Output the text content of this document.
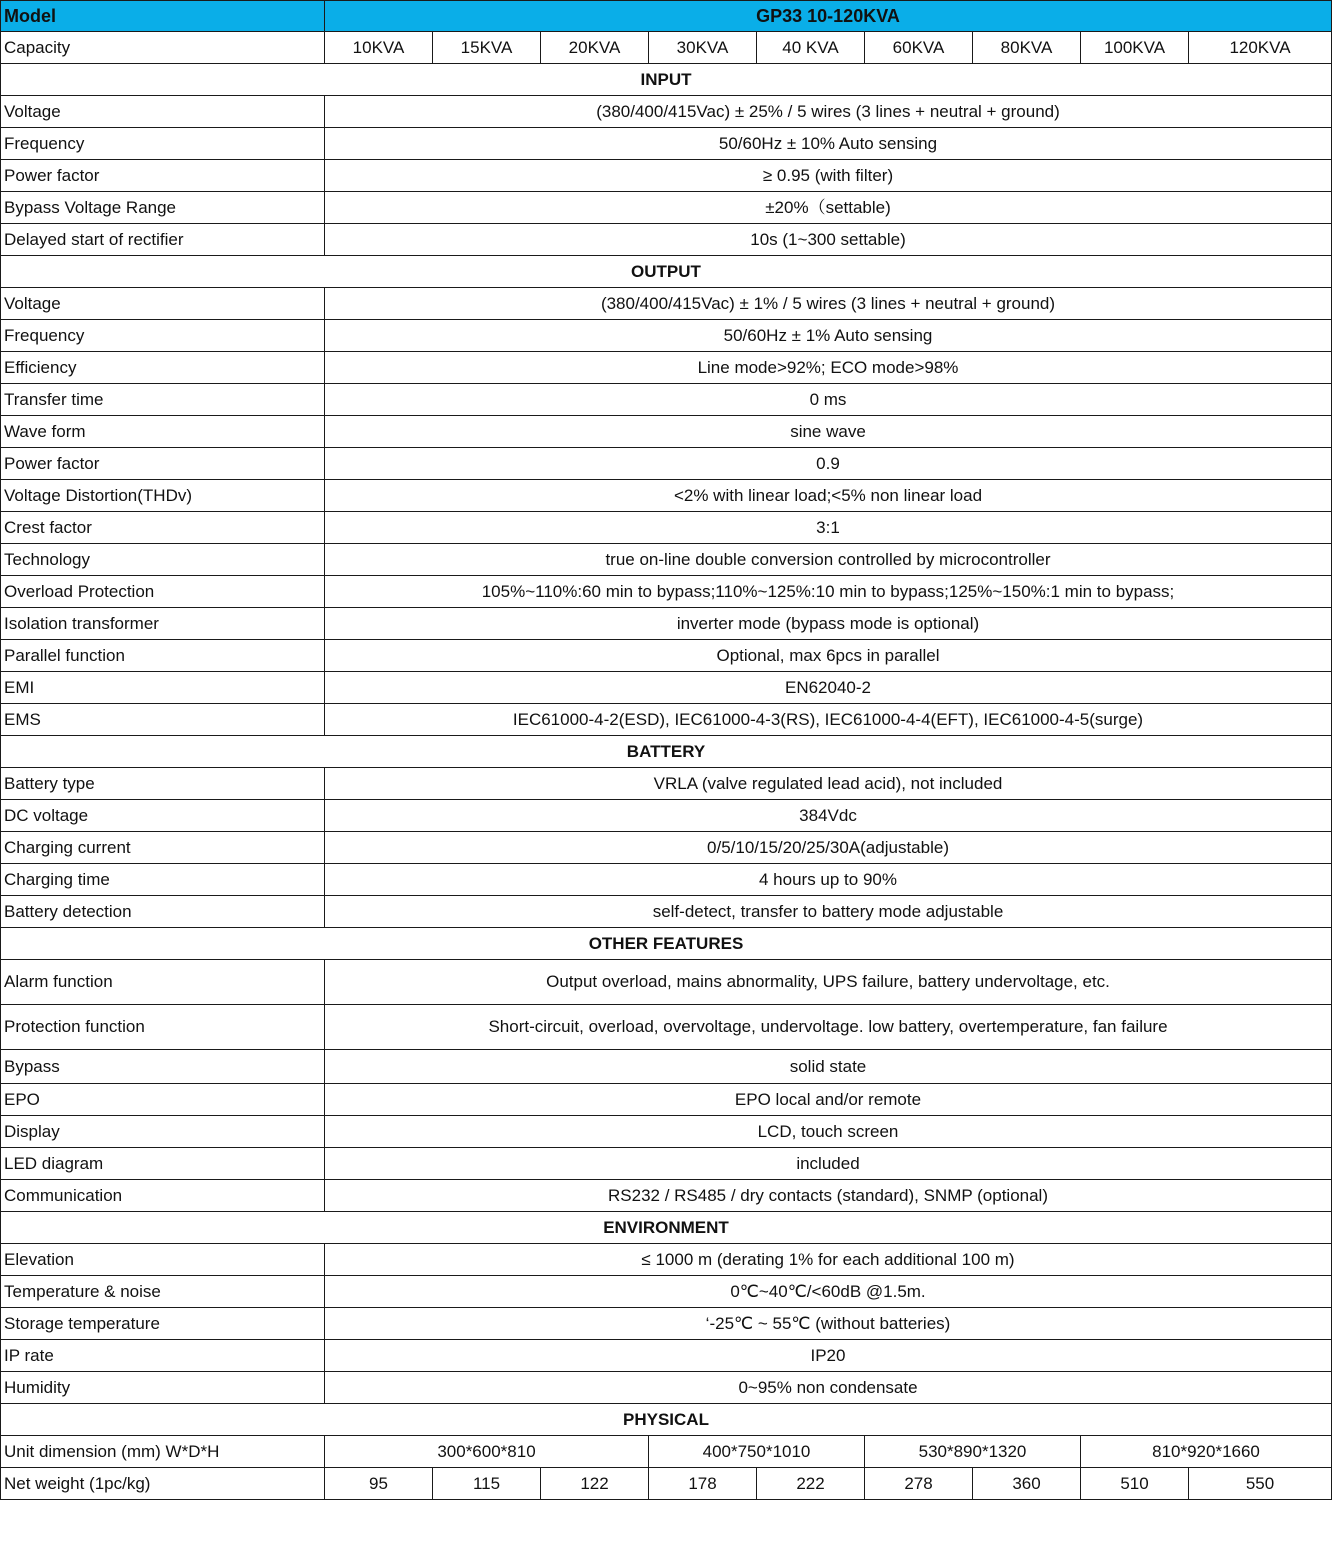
Model	GP33 10-120KVA								
Capacity	10KVA	15KVA	20KVA	30KVA	40 KVA	60KVA	80KVA	100KVA	120KVA
INPUT									
Voltage	(380/400/415Vac) ± 25% / 5 wires (3 lines + neutral + ground)								
Frequency	50/60Hz ± 10% Auto sensing								
Power factor	≥ 0.95 (with filter)								
Bypass Voltage Range	±20%（settable)								
Delayed start of rectifier	10s (1~300 settable)								
OUTPUT									
Voltage	(380/400/415Vac) ± 1% / 5 wires (3 lines + neutral + ground)								
Frequency	50/60Hz ± 1% Auto sensing								
Efficiency	Line mode>92%; ECO mode>98%								
Transfer time	0 ms								
Wave form	sine wave								
Power factor	0.9								
Voltage Distortion(THDv)	<2% with linear load;<5% non linear load								
Crest factor	3:1								
Technology	true on-line double conversion controlled by microcontroller								
Overload Protection	105%~110%:60 min to bypass;110%~125%:10 min to bypass;125%~150%:1 min to bypass;								
Isolation transformer	inverter mode (bypass mode is optional)								
Parallel function	Optional, max 6pcs in parallel								
EMI	EN62040-2								
EMS	IEC61000-4-2(ESD), IEC61000-4-3(RS), IEC61000-4-4(EFT), IEC61000-4-5(surge)								
BATTERY									
Battery type	VRLA (valve regulated lead acid), not included								
DC voltage	384Vdc								
Charging current	0/5/10/15/20/25/30A(adjustable)								
Charging time	4 hours up to 90%								
Battery detection	self-detect, transfer to battery mode adjustable								
OTHER FEATURES									
Alarm function	Output overload, mains abnormality, UPS failure, battery undervoltage, etc.								
Protection function	Short-circuit, overload, overvoltage, undervoltage. low battery, overtemperature, fan failure								
Bypass	solid state								
EPO	EPO local and/or remote								
Display	LCD, touch screen								
LED diagram	included								
Communication	RS232 / RS485 / dry contacts (standard), SNMP (optional)								
ENVIRONMENT									
Elevation	≤ 1000 m (derating 1% for each additional 100 m)								
Temperature & noise	0℃~40℃/<60dB @1.5m.								
Storage temperature	‘-25℃ ~ 55℃ (without batteries)								
IP rate	IP20								
Humidity	0~95% non condensate								
PHYSICAL									
Unit dimension (mm) W*D*H	300*600*810			400*750*1010		530*890*1320		810*920*1660	
Net weight (1pc/kg)	95	115	122	178	222	278	360	510	550
